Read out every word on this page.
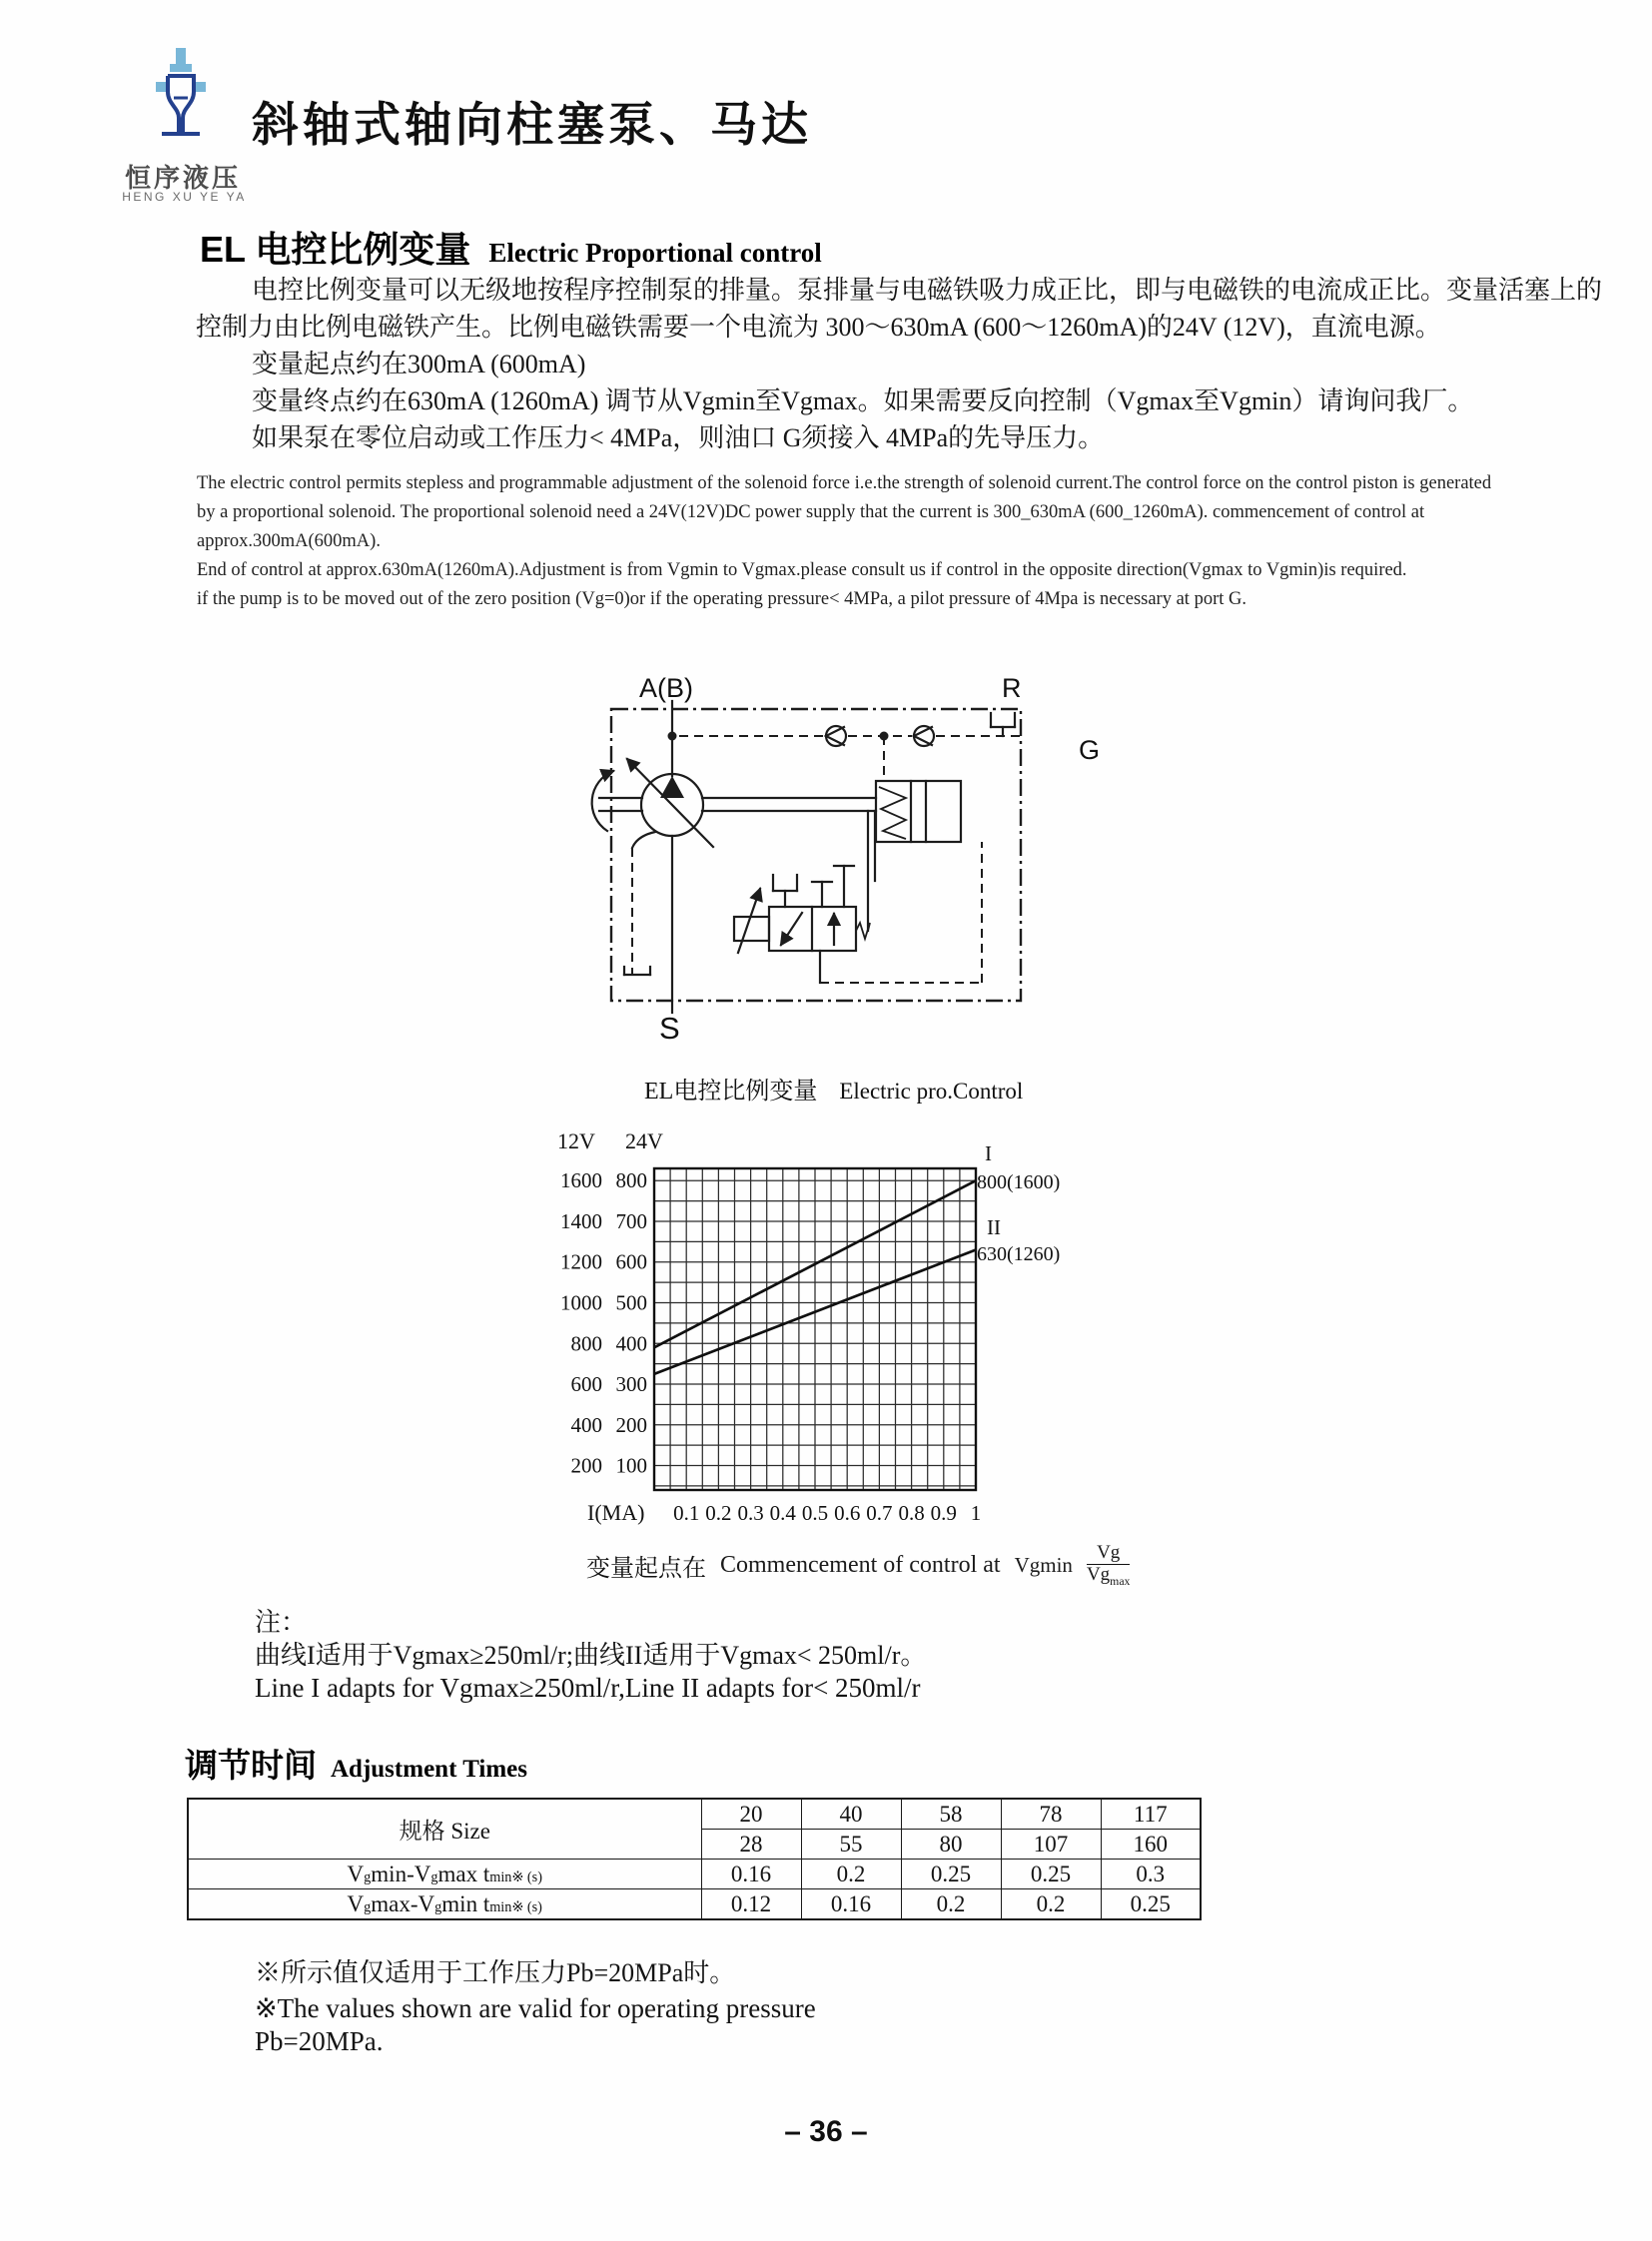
恒序液压
HENG XU YE YA
斜轴式轴向柱塞泵、马达
EL 电控比例变量 Electric Proportional control
电控比例变量可以无级地按程序控制泵的排量。泵排量与电磁铁吸力成正比，即与电磁铁的电流成正比。变量活塞上的
控制力由比例电磁铁产生。比例电磁铁需要一个电流为 300～630mA (600～1260mA)的24V (12V)，直流电源。
变量起点约在300mA (600mA)
变量终点约在630mA (1260mA) 调节从Vgmin至Vgmax。如果需要反向控制（Vgmax至Vgmin）请询问我厂。
如果泵在零位启动或工作压力< 4MPa，则油口 G须接入 4MPa的先导压力。
The electric control permits stepless and programmable adjustment of the solenoid force i.e.the strength of solenoid current.The control force on the control piston is generated
by a proportional solenoid. The proportional solenoid need a 24V(12V)DC power supply that the current is 300_630mA (600_1260mA). commencement of control at
approx.300mA(600mA).
End of control at approx.630mA(1260mA).Adjustment is from Vgmin to Vgmax.please consult us if control in the opposite direction(Vgmax to Vgmin)is required.
if the pump is to be moved out of the zero position (Vg=0)or if the operating pressure< 4MPa, a pilot pressure of 4Mpa is necessary at port G.
A(B)	R
G
S
EL电控比例变量 Electric pro.Control
12V 24V
200 100
400 200
600 300
800 400
1000 500
1200 600
1400 700
1600 800
0.1 0.2 0.3 0.4 0.5 0.6 0.7 0.8 0.9 1
I(MA)
I
800(1600)
II
630(1260)
变量起点在 Commencement of control at Vgmin $\frac{Vg}{Vg_{max}}$
注：
曲线I适用于Vgmax≥250ml/r;曲线II适用于Vgmax< 250ml/r。
Line I adapts for Vgmax≥250ml/r,Line II adapts for< 250ml/r
调节时间 Adjustment Times
规格 Size	20	40	58	78	117
	28	55	80	107	160
Vgmin-Vgmax tmin※ (s)	0.16	0.2	0.25	0.25	0.3
Vgmax-Vgmin tmin※ (s)	0.12	0.16	0.2	0.2	0.25
※所示值仅适用于工作压力Pb=20MPa时。
※The values shown are valid for operating pressure
Pb=20MPa.
– 36 –
